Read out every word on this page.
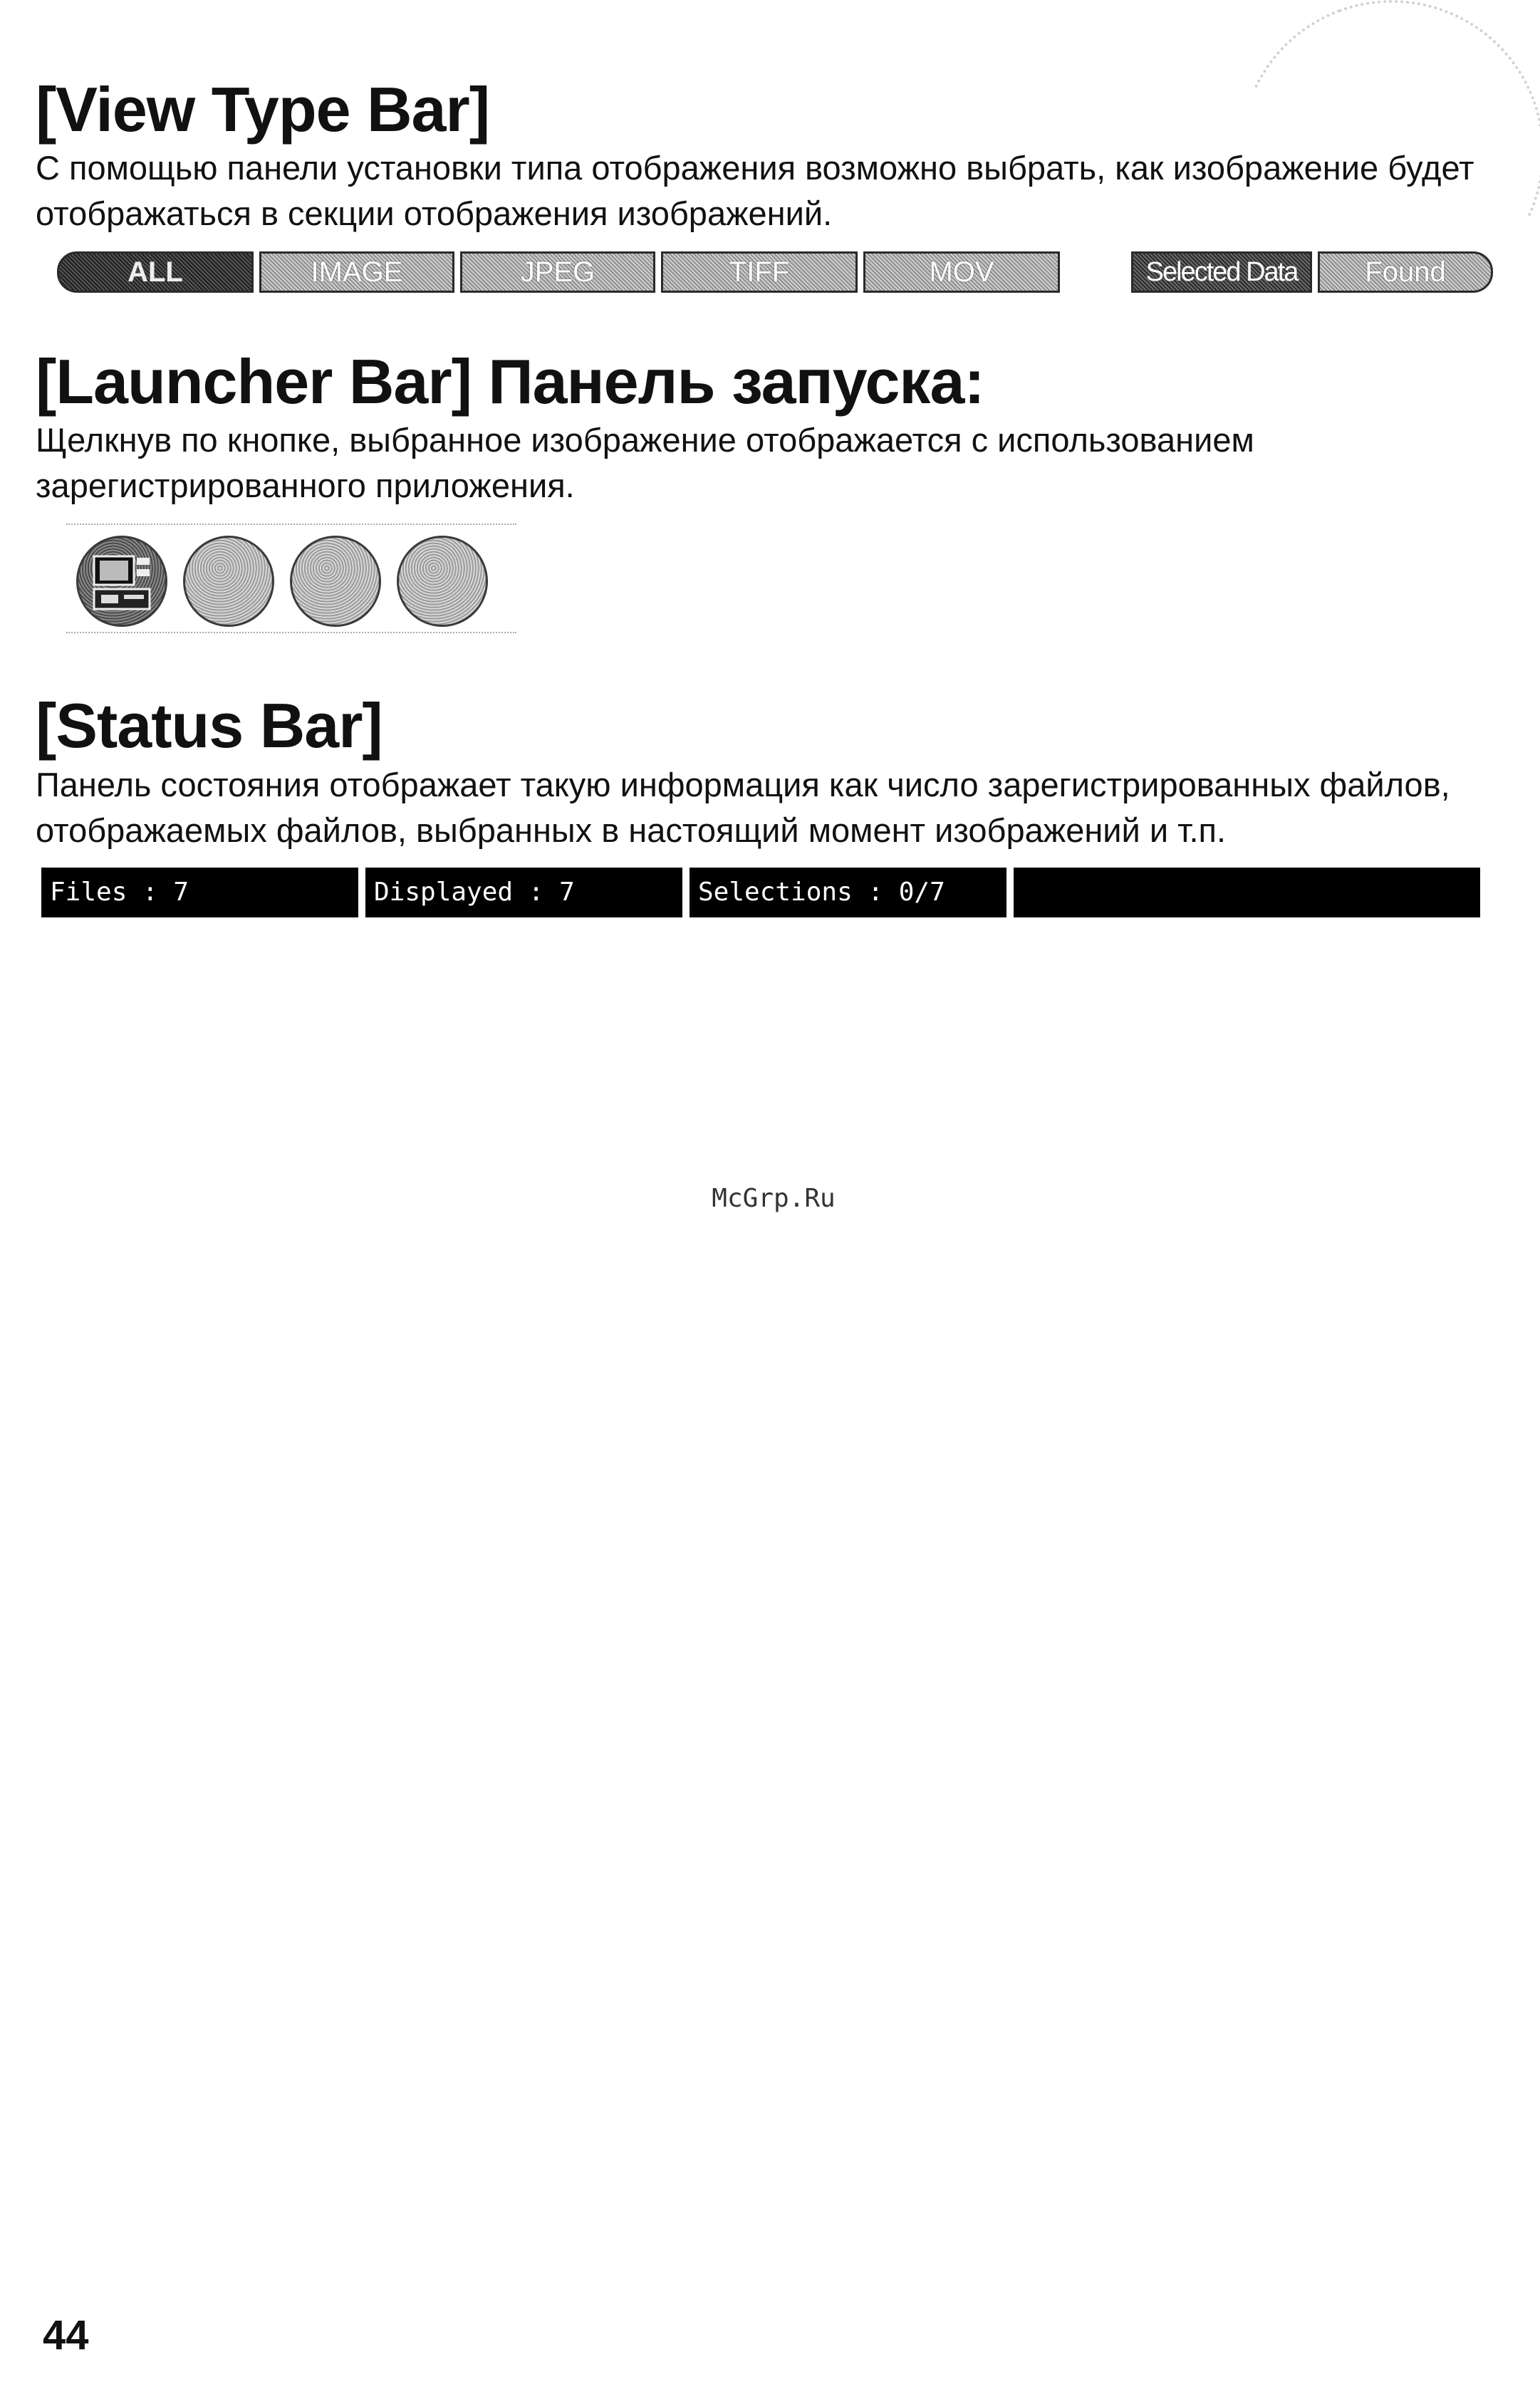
[View Type Bar]

С помощью панели установки типа отображения возможно выбрать, как изображение будет отображаться в секции отображения изображений.

ALL	IMAGE	JPEG	TIFF	MOV	Selected Data	Found
[Launcher Bar] Панель запуска:

Щелкнув по кнопке, выбранное изображение отображается с использованием зарегистрированного приложения.

[Status Bar]

Панель состояния отображает такую информация как число зарегистрированных файлов, отображаемых файлов, выбранных в настоящий момент изображений и т.п.

Files : 7	Displayed : 7	Selections : 0/7
McGrp.Ru
44
